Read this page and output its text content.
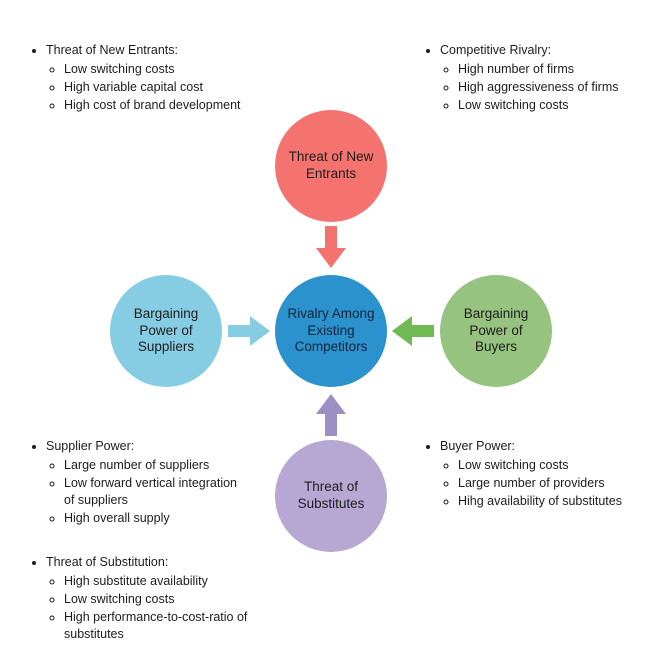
Threat of New
Entrants
Rivalry Among
Existing
Competitors
Bargaining
Power of
Suppliers
Bargaining
Power of
Buyers
Threat of
Substitutes
• Threat of New Entrants:
◦ Low switching costs
◦ High variable capital cost
◦ High cost of brand development
• Competitive Rivalry:
◦ High number of firms
◦ High aggressiveness of firms
◦ Low switching costs
• Supplier Power:
◦ Large number of suppliers
◦ Low forward vertical integration of suppliers
◦ High overall supply
• Buyer Power:
◦ Low switching costs
◦ Large number of providers
◦ Hihg availability of substitutes
• Threat of Substitution:
◦ High substitute availability
◦ Low switching costs
◦ High performance-to-cost-ratio of substitutes
